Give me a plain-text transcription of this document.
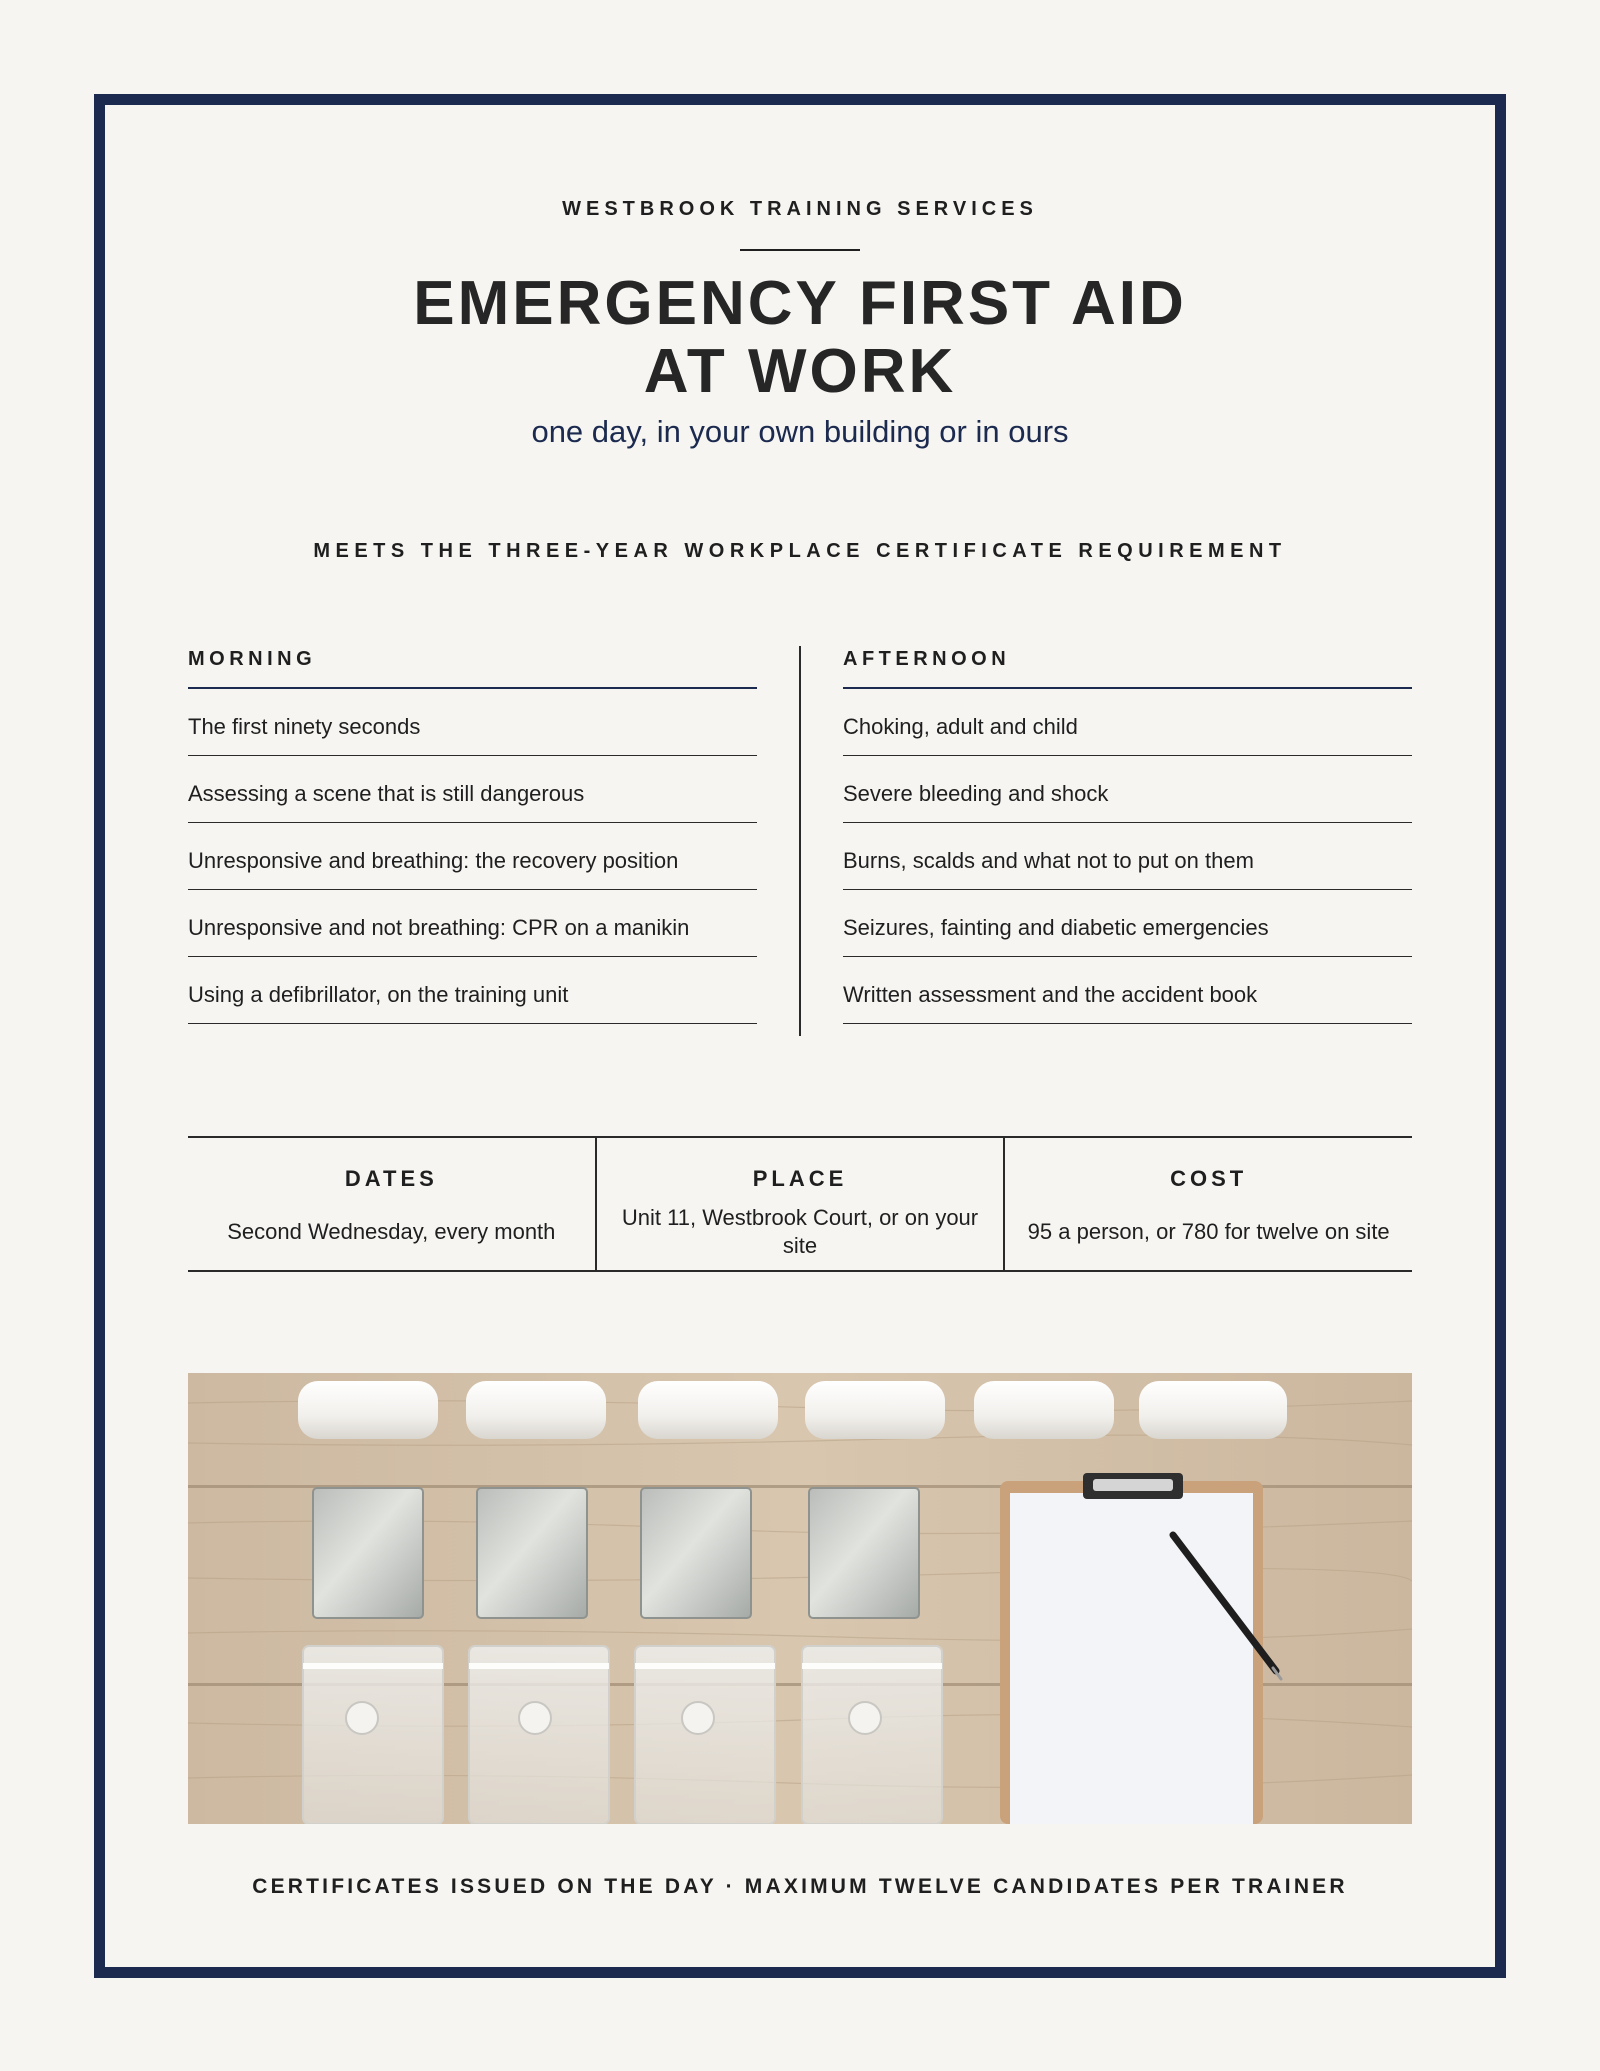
WESTBROOK TRAINING SERVICES
EMERGENCY FIRST AID
AT WORK
one day, in your own building or in ours
MEETS THE THREE-YEAR WORKPLACE CERTIFICATE REQUIREMENT
MORNING
The first ninety seconds
Assessing a scene that is still dangerous
Unresponsive and breathing: the recovery position
Unresponsive and not breathing: CPR on a manikin
Using a defibrillator, on the training unit
AFTERNOON
Choking, adult and child
Severe bleeding and shock
Burns, scalds and what not to put on them
Seizures, fainting and diabetic emergencies
Written assessment and the accident book
DATES
Second Wednesday, every month
PLACE
Unit 11, Westbrook Court, or on your site
COST
95 a person, or 780 for twelve on site
CERTIFICATES ISSUED ON THE DAY · MAXIMUM TWELVE CANDIDATES PER TRAINER
